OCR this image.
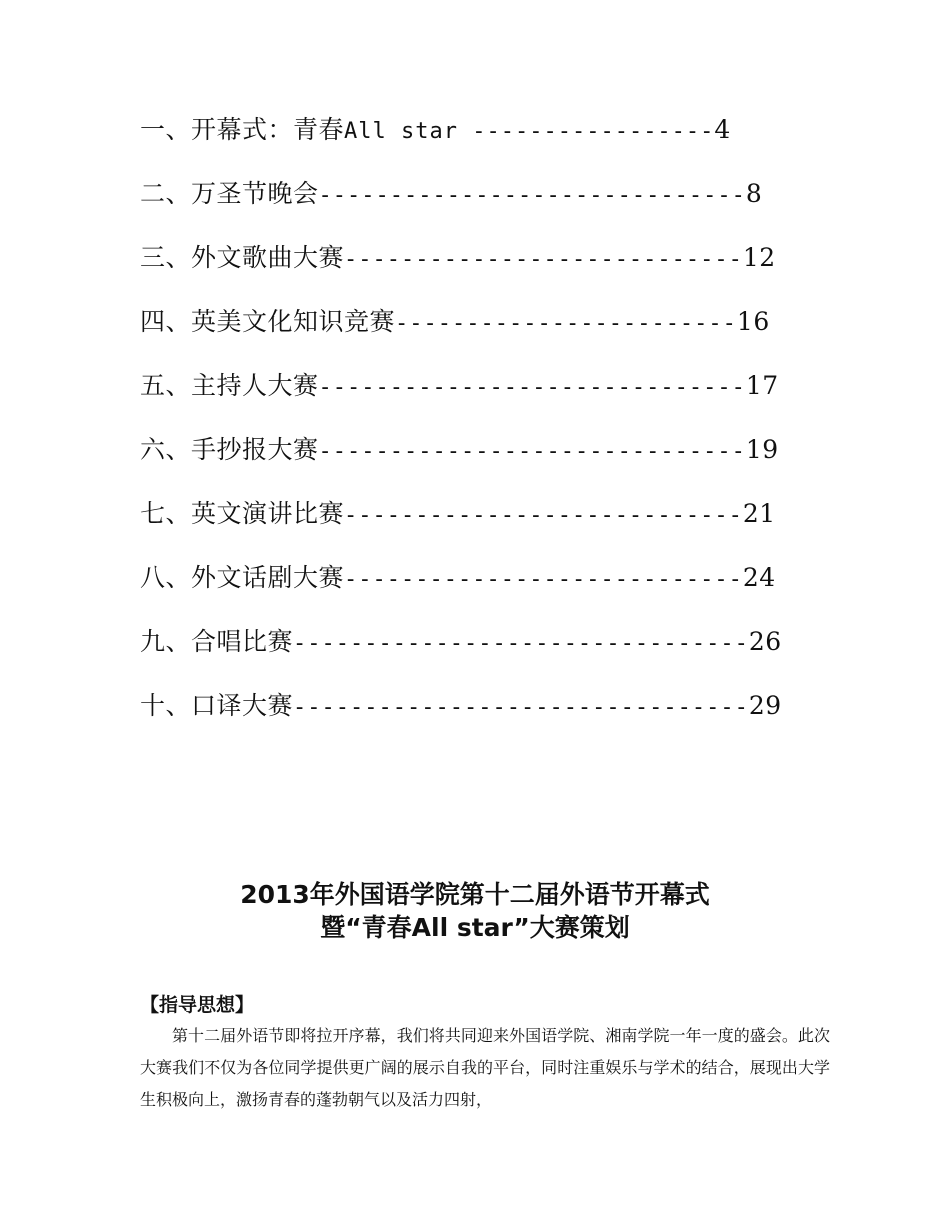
一、开幕式：青春All star -----------------4
二、万圣节晚会------------------------------8
三、外文歌曲大赛----------------------------12
四、英美文化知识竞赛------------------------16
五、主持人大赛------------------------------17
六、手抄报大赛------------------------------19
七、英文演讲比赛----------------------------21
八、外文话剧大赛----------------------------24
九、合唱比赛--------------------------------26
十、口译大赛--------------------------------29
2013年外国语学院第十二届外语节开幕式
暨“青春All star”大赛策划
【指导思想】

第十二届外语节即将拉开序幕，我们将共同迎来外国语学院、湘南学院一年一度的盛会。此次大赛我们不仅为各位同学提供更广阔的展示自我的平台，同时注重娱乐与学术的结合，展现出大学生积极向上，激扬青春的蓬勃朝气以及活力四射，
